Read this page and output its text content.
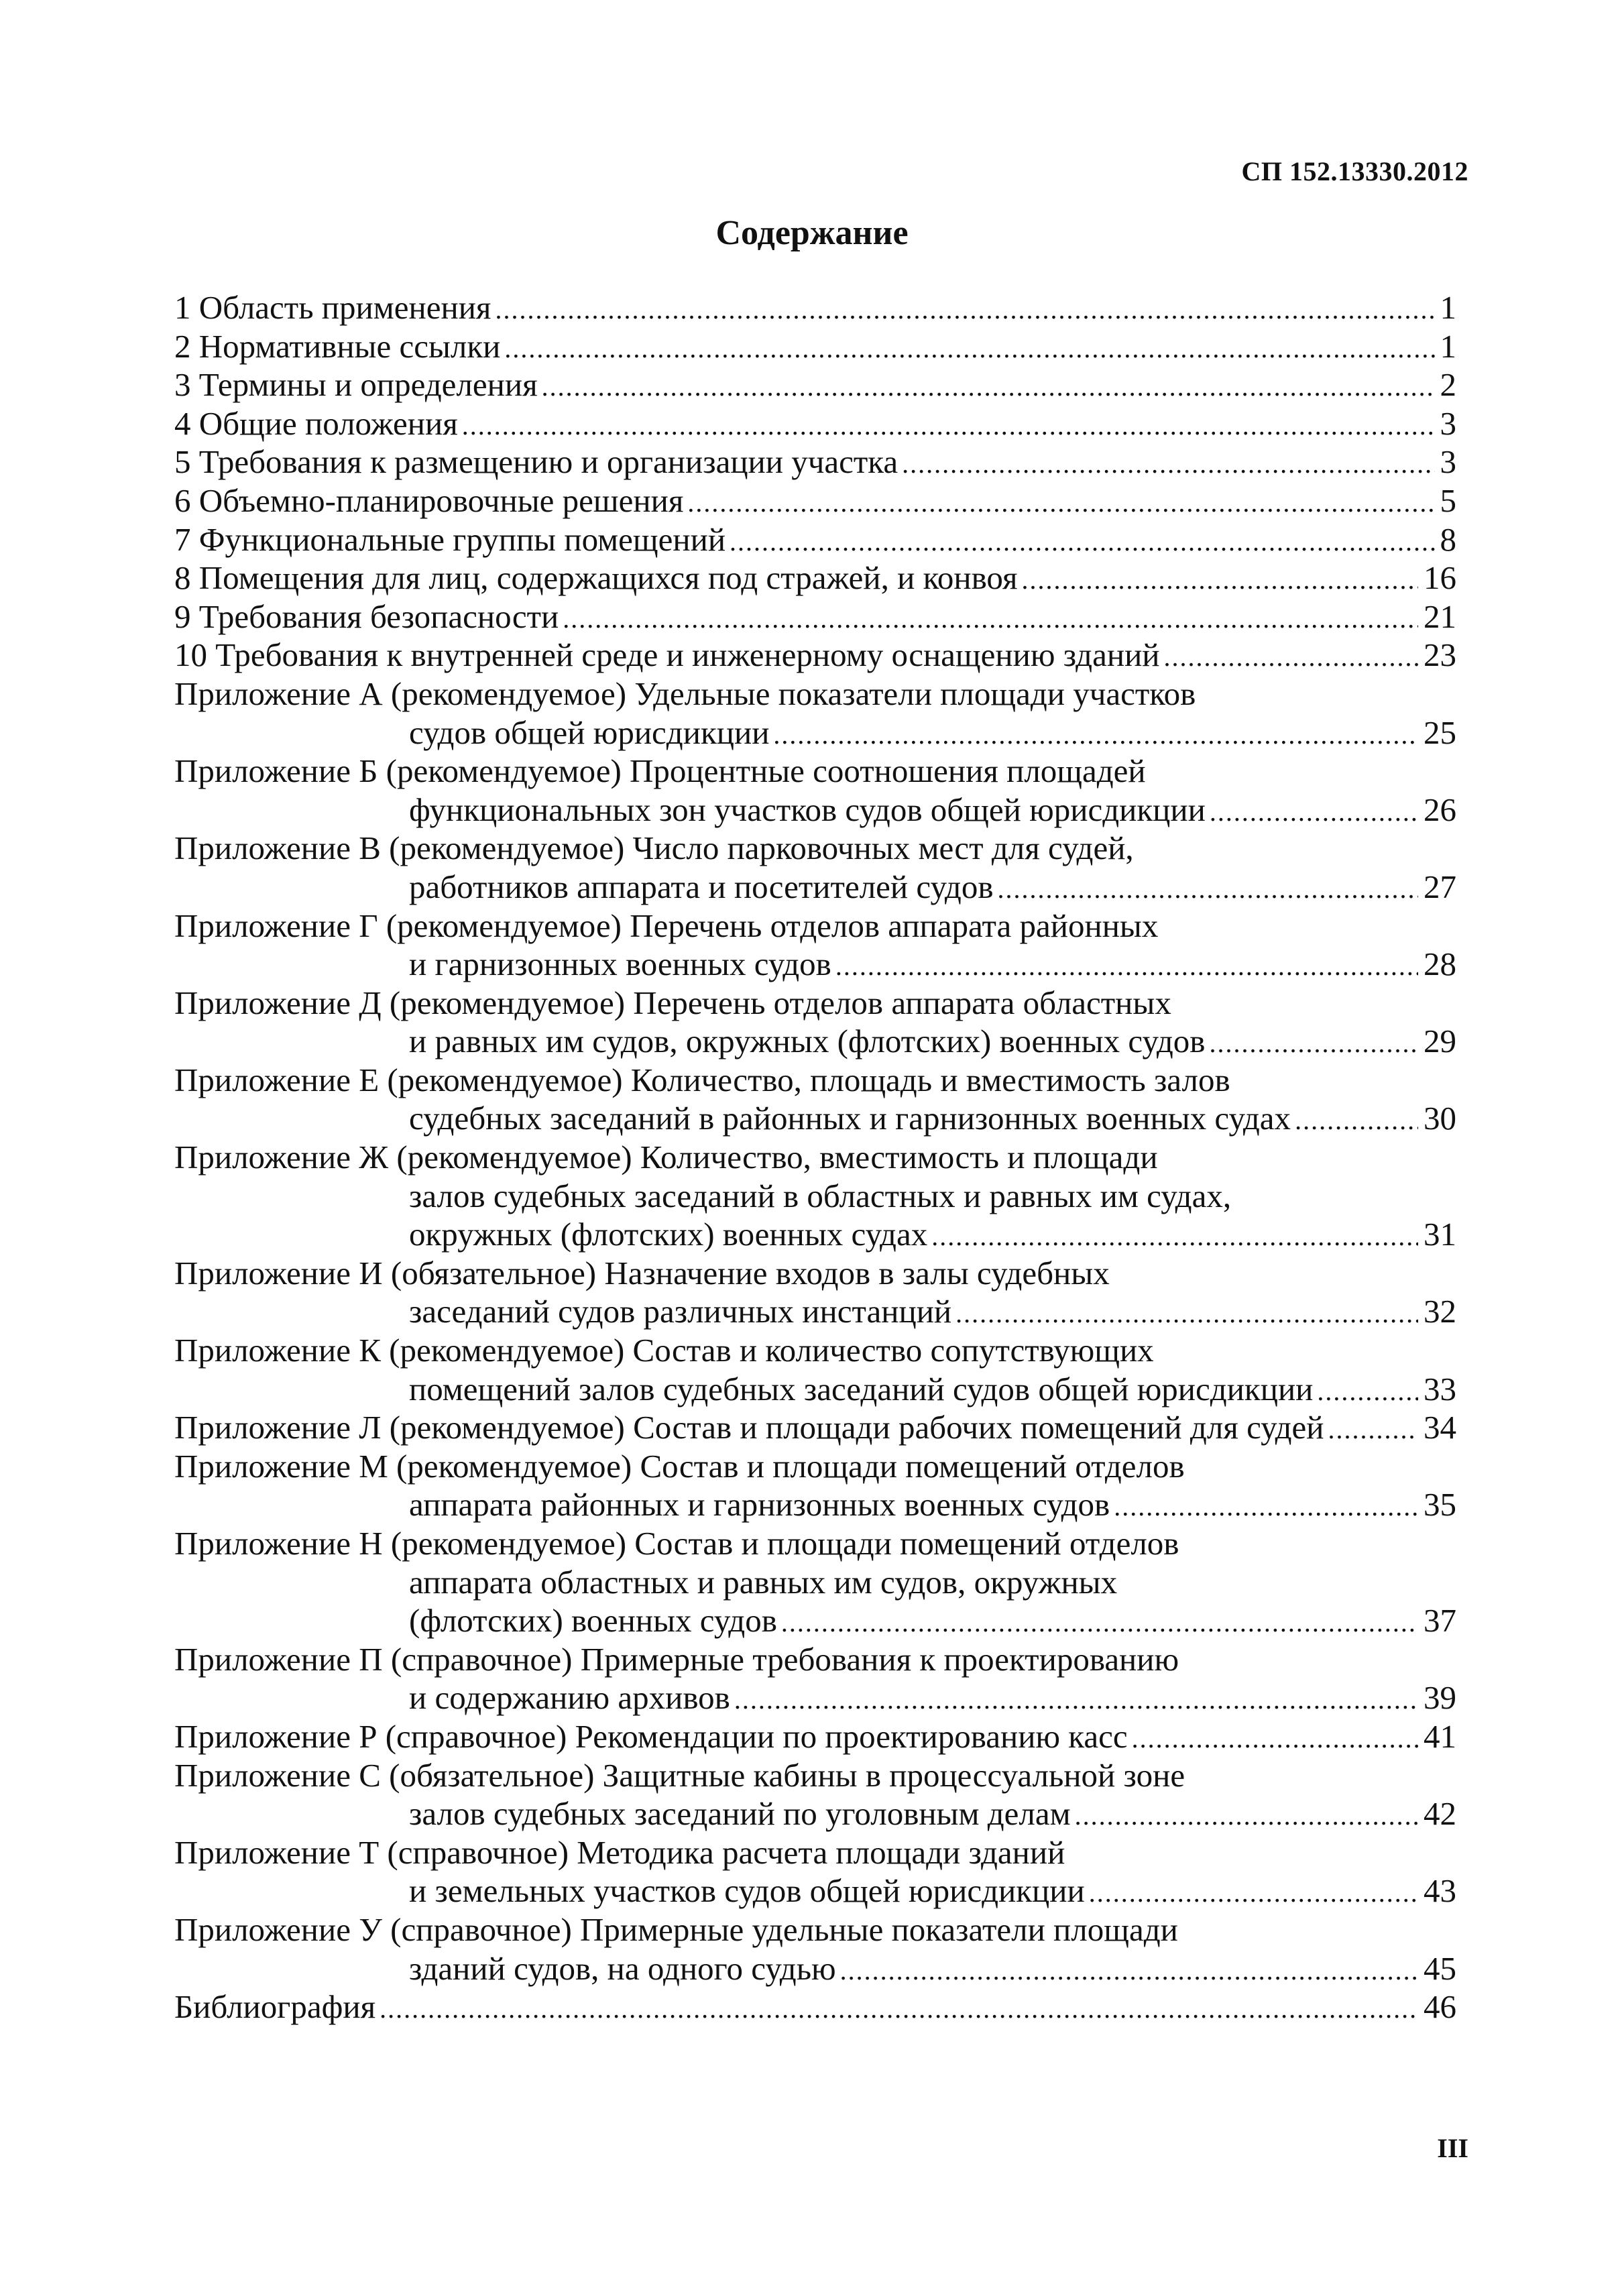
СП 152.13330.2012
Содержание
1 Область применения .....	1
2 Нормативные ссылки .....	1
3 Термины и определения .....	2
4 Общие положения .....	3
5 Требования к размещению и организации участка .....	3
6 Объемно-планировочные решения .....	5
7 Функциональные группы помещений .....	8
8 Помещения для лиц, содержащихся под стражей, и конвоя .....	16
9 Требования безопасности .....	21
10 Требования к внутренней среде и инженерному оснащению зданий .....	23
Приложение А (рекомендуемое) Удельные показатели площади участков
судов общей юрисдикции .....	25
Приложение Б (рекомендуемое) Процентные соотношения площадей
функциональных зон участков судов общей юрисдикции .....	26
Приложение В (рекомендуемое) Число парковочных мест для судей,
работников аппарата и посетителей судов .....	27
Приложение Г (рекомендуемое) Перечень отделов аппарата районных
и гарнизонных военных судов .....	28
Приложение Д (рекомендуемое) Перечень отделов аппарата областных
и равных им судов, окружных (флотских) военных судов .....	29
Приложение Е (рекомендуемое) Количество, площадь и вместимость залов
судебных заседаний в районных и гарнизонных военных судах .....	30
Приложение Ж (рекомендуемое) Количество, вместимость и площади
залов судебных заседаний в областных и равных им судах,
окружных (флотских) военных судах .....	31
Приложение И (обязательное) Назначение входов в залы судебных
заседаний судов различных инстанций .....	32
Приложение К (рекомендуемое) Состав и количество сопутствующих
помещений залов судебных заседаний судов общей юрисдикции .....	33
Приложение Л (рекомендуемое) Состав и площади рабочих помещений для судей .....	34
Приложение М (рекомендуемое) Состав и площади помещений отделов
аппарата районных и гарнизонных военных судов .....	35
Приложение Н (рекомендуемое) Состав и площади помещений отделов
аппарата областных и равных им судов, окружных
(флотских) военных судов .....	37
Приложение П (справочное) Примерные требования к проектированию
и содержанию архивов .....	39
Приложение Р (справочное) Рекомендации по проектированию касс .....	41
Приложение С (обязательное) Защитные кабины в процессуальной зоне
залов судебных заседаний по уголовным делам .....	42
Приложение Т (справочное) Методика расчета площади зданий
и земельных участков судов общей юрисдикции .....	43
Приложение У (справочное) Примерные удельные показатели площади
зданий судов, на одного судью .....	45
Библиография .....	46
III
